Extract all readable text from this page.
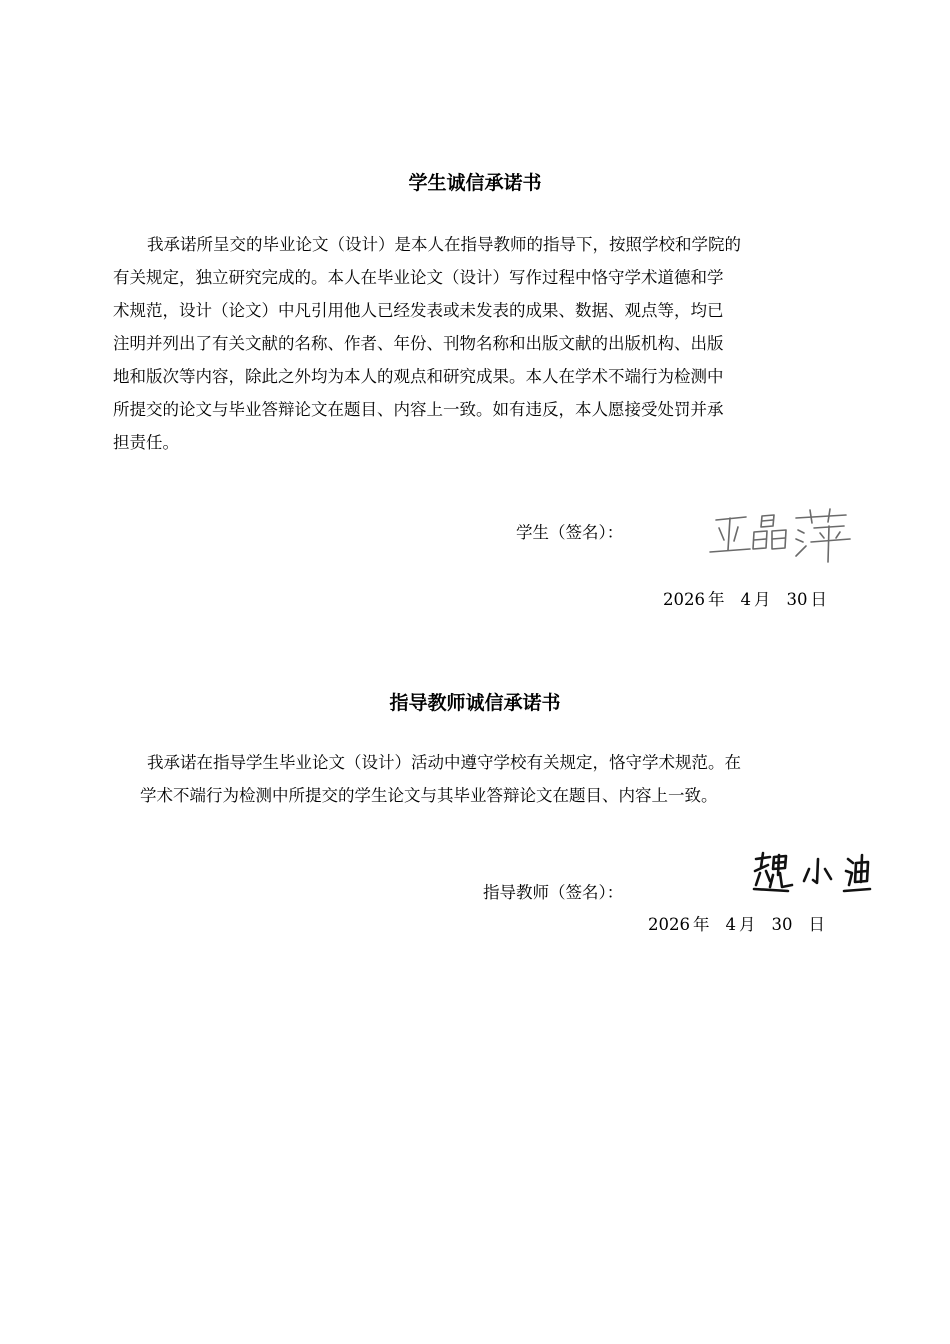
学生诚信承诺书
我承诺所呈交的毕业论文（设计）是本人在指导教师的指导下，按照学校和学院的
有关规定，独立研究完成的。本人在毕业论文（设计）写作过程中恪守学术道德和学
术规范，设计（论文）中凡引用他人已经发表或未发表的成果、数据、观点等，均已
注明并列出了有关文献的名称、作者、年份、刊物名称和出版文献的出版机构、出版
地和版次等内容，除此之外均为本人的观点和研究成果。本人在学术不端行为检测中
所提交的论文与毕业答辩论文在题目、内容上一致。如有违反，本人愿接受处罚并承
担责任。
学生（签名）：
2026 年 4 月 30 日
指导教师诚信承诺书
我承诺在指导学生毕业论文（设计）活动中遵守学校有关规定，恪守学术规范。在
学术不端行为检测中所提交的学生论文与其毕业答辩论文在题目、内容上一致。
指导教师（签名）：
2026 年 4 月 30 日
